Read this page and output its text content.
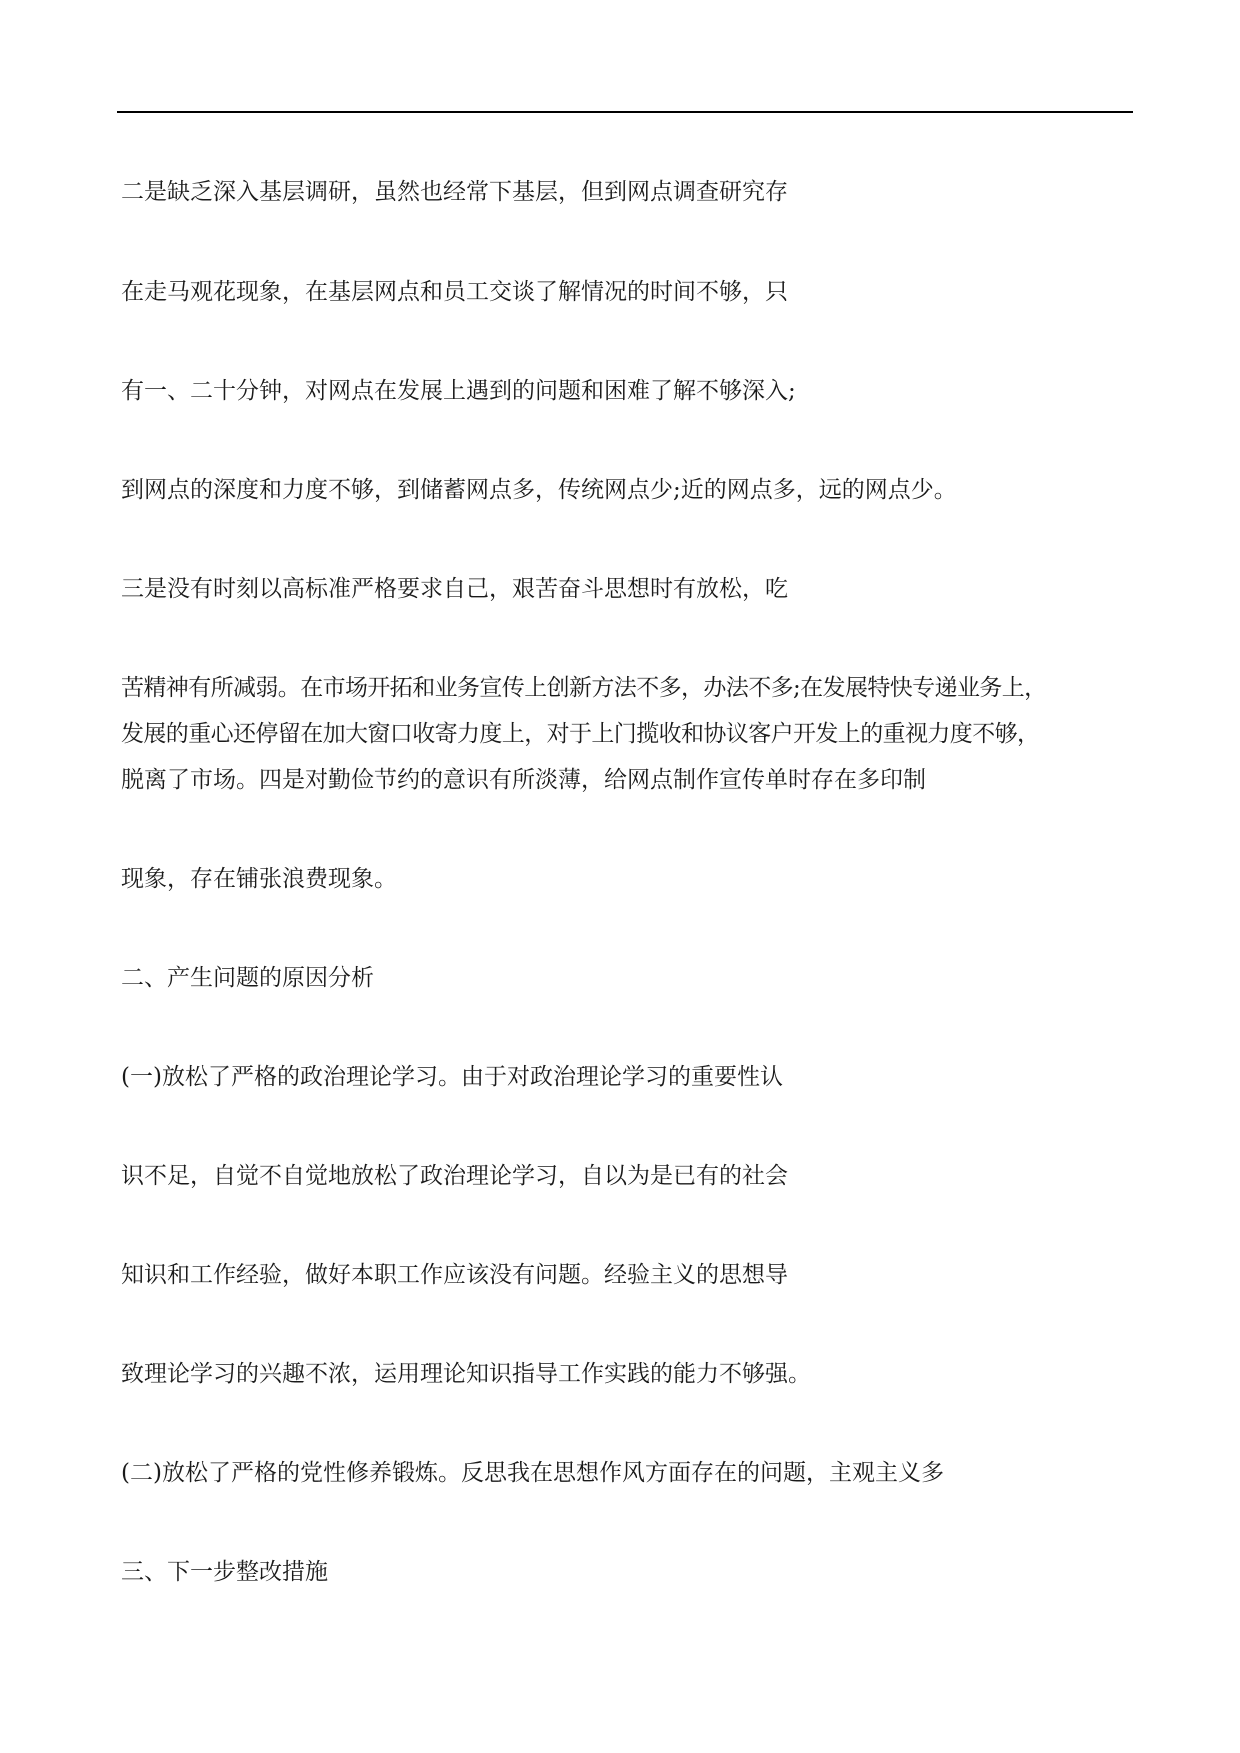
二是缺乏深入基层调研，虽然也经常下基层，但到网点调查研究存

在走马观花现象，在基层网点和员工交谈了解情况的时间不够，只

有一、二十分钟，对网点在发展上遇到的问题和困难了解不够深入;

到网点的深度和力度不够，到储蓄网点多，传统网点少;近的网点多，远的网点少。

三是没有时刻以高标准严格要求自己，艰苦奋斗思想时有放松，吃

苦精神有所减弱。在市场开拓和业务宣传上创新方法不多，办法不多;在发展特快专递业务上，

发展的重心还停留在加大窗口收寄力度上，对于上门揽收和协议客户开发上的重视力度不够，

脱离了市场。四是对勤俭节约的意识有所淡薄，给网点制作宣传单时存在多印制

现象，存在铺张浪费现象。

二、产生问题的原因分析

(一)放松了严格的政治理论学习。由于对政治理论学习的重要性认

识不足，自觉不自觉地放松了政治理论学习，自以为是已有的社会

知识和工作经验，做好本职工作应该没有问题。经验主义的思想导

致理论学习的兴趣不浓，运用理论知识指导工作实践的能力不够强。

(二)放松了严格的党性修养锻炼。反思我在思想作风方面存在的问题，主观主义多

三、下一步整改措施
